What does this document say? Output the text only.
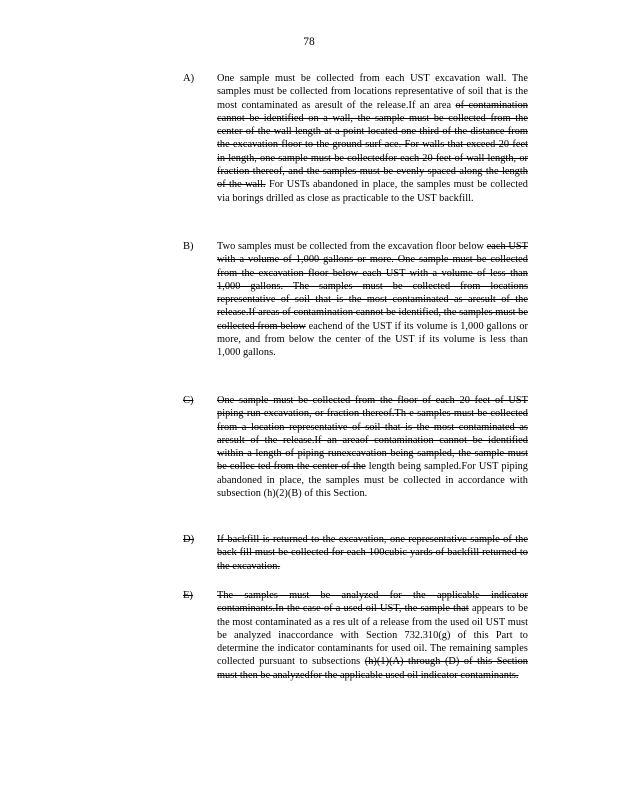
78
A) One sample must be collected from each UST excavation wall. The samples must be collected from locations representative of soil that is the most contaminated as aresult of the release.If an area of contamination cannot be identified on a wall, the sample must be collected from the center of the wall length at a point located one third of the distance from the excavation floor to the ground surf ace. For walls that exceed 20 feet in length, one sample must be collectedfor each 20 feet of wall length, or fraction thereof, and the samples must be evenly spaced along the length of the wall. For USTs abandoned in place, the samples must be collected via borings drilled as close as practicable to the UST backfill.
B) Two samples must be collected from the excavation floor below each UST with a volume of 1,000 gallons or more. One sample must be collected from the excavation floor below each UST with a volume of less than 1,000 gallons. The samples must be collected from locations representative of soil that is the most contaminated as aresult of the release.If areas of contamination cannot be identified, the samples must be collected from below eachend of the UST if its volume is 1,000 gallons or more, and from below the center of the UST if its volume is less than 1,000 gallons.
C) One sample must be collected from the floor of each 20 feet of UST piping run excavation, or fraction thereof.Th e samples must be collected from a location representative of soil that is the most contaminated as aresult of the release.If an areaof contamination cannot be identified within a length of piping runexcavation being sampled, the sample must be collec ted from the center of the length being sampled.For UST piping abandoned in place, the samples must be collected in accordance with subsection (h)(2)(B) of this Section.
D) If backfill is returned to the excavation, one representative sample of the back fill must be collected for each 100cubic yards of backfill returned to the excavation.
E) The samples must be analyzed for the applicable indicator contaminants.In the case of a used oil UST, the sample that appears to be the most contaminated as a res ult of a release from the used oil UST must be analyzed inaccordance with Section 732.310(g) of this Part to determine the indicator contaminants for used oil. The remaining samples collected pursuant to subsections (h)(1)(A) through (D) of this Section must then be analyzedfor the applicable used oil indicator contaminants.
